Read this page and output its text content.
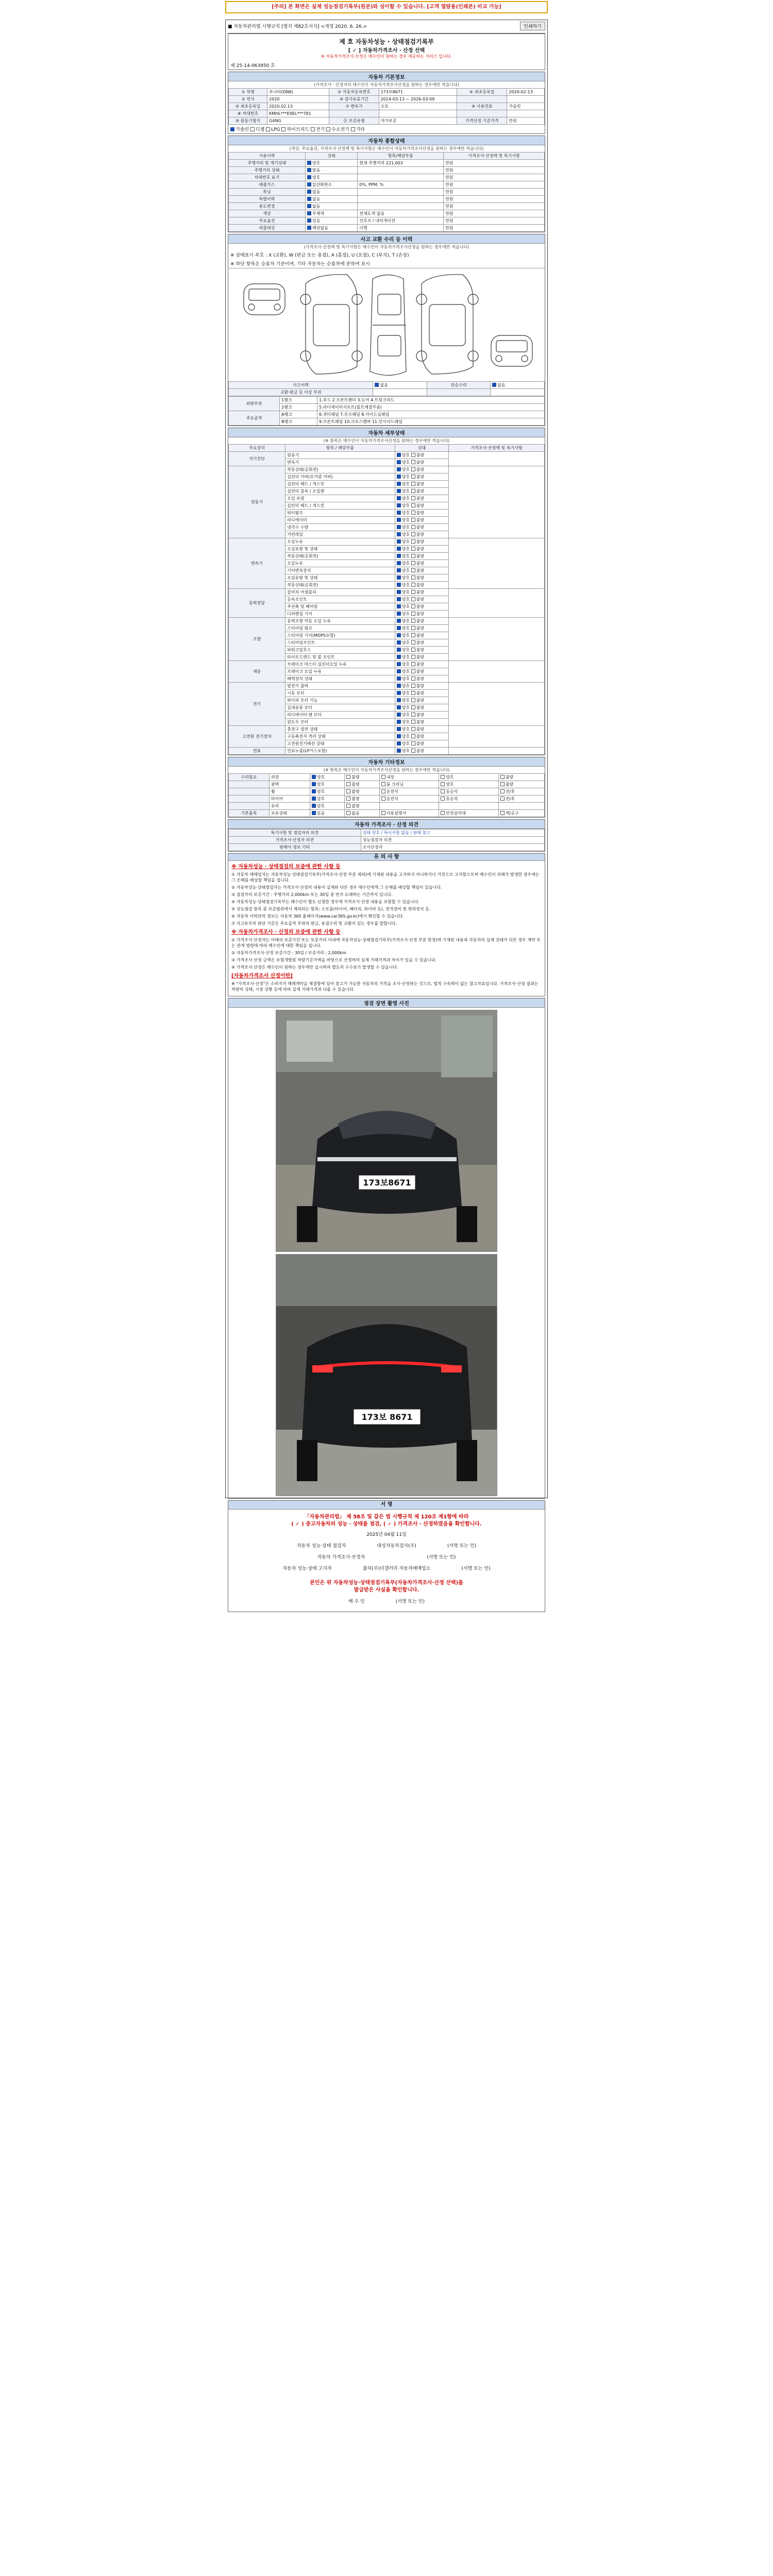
[주의] 본 화면은 실제 성능점검기록부(원본)와 상이할 수 있습니다. [고객 열람용(인쇄본) 비교 가능]
■ 자동차관리법 시행규칙 [별지 제82호서식] <개정 2020. 6. 26.>	인쇄하기
제 호 자동차성능 · 상태점검기록부
[ ✓ ] 자동차가격조사 · 산정 선택
※ 자동차가격조사·산정은 매수인이 원하는 경우 제공하는 서비스 입니다.
제 25-14-063950 호
자동차 기본정보
(가격조사 · 산정자의 매수인이 자동차가격조사산정을 원하는 경우에만 적습니다)
① 차명	쏘나타(DN8)	② 자동차등록번호	173보8671	⑥ 최초등록일	2020-02-13
② 연식	2020	④ 검사유효기간	2024-03-13 ~ 2026-03-09		
⑤ 최초등록일	2020.02.13	⑦ 변속기	오토	⑨ 사용연료	가솔린
⑧ 차대번호	KMHL***E9EL***781				
⑩ 원동기형식	G4NG	⑪ 보증유형	자가보증	가격산정 기준가격	만원
가솔린 디젤 LPG 하이브리드 전기 수소전기 기타
자동차 종합상태
(색상, 주요옵션, 가격조사·산정액 및 특기사항은 매수인이 자동차가격조사산정을 원하는 경우에만 적습니다)
사용이력	상태	항목/해당부품	가격조사·산정액 및 특기사항
주행거리 및 계기상태	양호	현재 주행거리 221,003	만원
주행거리 상태	많음		만원
차대번호 표기	양호		만원
배출가스	일산화탄소	0%, PPM, %	만원
튜닝	없음		만원
특별이력	없음		만원
용도변경	없음		만원
색상	무채색	전체도색 없음	만원
주요옵션	있음	선루프 / 네비게이션	만원
리콜대상	해당없음	이행	만원
사고 교환 수리 등 이력
(가격조사·산정액 및 특기사항은 매수인이 자동차가격조사산정을 원하는 경우에만 적습니다)
※ 상태표시 부호 : X (교환), W (판금 또는 용접), A (흠집), U (요철), C (부식), T (손상)
※ 하단 항목은 승용차 기준이며, 기타 자동차는 승용차에 준하여 표시
사고이력	없음	단순수리	없음
교환·판금 등 이상 부위			
외판부위	1랭크	1.후드 2.프론트펜더 3.도어 4.트렁크리드
	2랭크	5.라디에이터서포트(볼트체결부품)
주요골격	A랭크	6.쿼터패널 7.루프패널 8.사이드실패널
	B랭크	9.프론트패널 10.크로스멤버 11.인사이드패널
자동차 세부상태
(※ 항목은 매수인이 자동차가격조사산정을 원하는 경우에만 적습니다)
주요장치	항목 / 해당부품	상태	가격조사·산정액 및 특기사항
자기진단	원동기	양호 불량	
	변속기	양호 불량	
원동기	작동상태(공회전)	양호 불량	
	실린더 커버(로커암 커버)	양호 불량	
	실린더 헤드 / 개스킷	양호 불량	
	실린더 블록 / 오일팬	양호 불량	
	오일 유량	양호 불량	
	실린더 헤드 / 개스킷	양호 불량	
	워터펌프	양호 불량	
	라디에이터	양호 불량	
	냉각수 수량	양호 불량	
	커먼레일	양호 불량	
변속기	오일누유	양호 불량	
	오일유량 및 상태	양호 불량	
	작동상태(공회전)	양호 불량	
	오일누유	양호 불량	
	기어변속장치	양호 불량	
	오일유량 및 상태	양호 불량	
	작동상태(공회전)	양호 불량	
동력전달	클러치 어셈블리	양호 불량	
	등속조인트	양호 불량	
	추진축 및 베어링	양호 불량	
	디퍼렌셜 기어	양호 불량	
조향	동력조향 작동 오일 누유	양호 불량	
	스티어링 펌프	양호 불량	
	스티어링 기어(MDPS포함)	양호 불량	
	스티어링조인트	양호 불량	
	파워고압호스	양호 불량	
	타이로드엔드 및 볼 조인트	양호 불량	
제동	브레이크 마스터 실린더오일 누유	양호 불량	
	브레이크 오일 누유	양호 불량	
	배력장치 상태	양호 불량	
전기	발전기 출력	양호 불량	
	시동 모터	양호 불량	
	와이퍼 모터 기능	양호 불량	
	실내송풍 모터	양호 불량	
	라디에이터 팬 모터	양호 불량	
	윈도우 모터	양호 불량	
고전원 전기장치	충전구 절연 상태	양호 불량	
	구동축전지 격리 상태	양호 불량	
	고전원전기배선 상태	양호 불량	
연료	연료누출(LP가스포함)	양호 불량	
자동차 기타정보
(※ 항목은 매수인이 자동차가격조사산정을 원하는 경우에만 적습니다)
수리필요	외장	양호	불량	내장	양호	불량
	광택	양호	불량	룸 크리닝	양호	불량
	휠	양호	불량	운전석	동승석	전/후
	타이어	양호	불량	운전석	동승석	전/후
	유리	양호	불량			
기본품목	보유상태	있음	없음	사용설명서	안전삼각대	잭/공구
자동차 가격조사 · 산정 의견
특기사항 및 점검자의 의견	상태 양호 / 특이사항 없음 / 판매 참고
가격조사·산정자 의견	성능점검자 의견
판매사 정보 기타	조사산정자
유 의 사 항
※ 자동차성능 · 상태점검의 보증에 관한 사항 등

① 자동차 매매업자는 자동차성능·상태점검기록부(가격조사·산정 부분 제외)에 기재된 내용을 고지하지 아니하거나 거짓으로 고지함으로써 매수인이 피해가 발생한 경우에는 그 손해를 배상할 책임을 집니다.

② 자동차성능·상태점검자는 가격조사·산정의 내용이 실제와 다른 경우 매수인에게 그 손해를 배상할 책임이 있습니다.

③ 점검자의 보증기간 : 주행거리 2,000km 또는 30일 중 먼저 도래하는 기간까지 입니다.

④ 자동차성능·상태점검기록부는 매수인이 별도 신청한 경우에 가격조사·산정 내용을 포함할 수 있습니다.

⑤ 성능점검 항목 중 보증범위에서 제외되는 항목: 소모품(타이어, 배터리, 와이퍼 등), 전자장비 및 편의장치 등.

⑥ 자동차 이력관리 정보는 자동차 365 홈페이지(www.car365.go.kr)에서 확인할 수 있습니다.

⑦ 사고유무의 판단 기준은 주요골격 부위의 판금, 용접수리 및 교환이 있는 경우를 말합니다.

※ 자동차가격조사 · 산정의 보증에 관한 사항 등

① 가격조사·산정자는 아래의 보증기간 또는 보증거리 이내에 자동차성능·상태점검기록부(가격조사·산정 부분 한정)에 기재된 내용과 자동차의 실제 상태가 다른 경우 계약 또는 관계 법령에 따라 매수인에 대한 책임을 집니다.

② 자동차가격조사·산정 보증기간 : 30일 / 보증거리 : 2,000km

③ 가격조사·산정 금액은 보험개발원 차량기준가액을 바탕으로 산정하며 실제 거래가격과 차이가 있을 수 있습니다.

④ 가격조사·산정은 매수인이 원하는 경우에만 실시하며 별도의 수수료가 발생할 수 있습니다.

[자동차가격조사 산정이란]

※ "가격조사·산정"은 소비자가 매매계약을 체결함에 있어 참고가 가능한 자동차의 가격을 조사·산정하는 것으로, 법적 구속력이 없는 참고자료입니다. 가격조사·산정 결과는 차량의 상태, 시장 상황 등에 따라 실제 거래가격과 다를 수 있습니다.

점검 장면 촬영 사진
173보8671
173보 8671
서 명
「자동차관리법」 제 58조 및 같은 법 시행규칙 제 120조 제1항에 따라
( ✓ ) 중고자동차의 성능 · 상태를 점검, ( ✓ ) 가격조사 · 산정하였음을 확인합니다.
2025년 04월 11일
자동차 성능·상태 점검자	대성자동차검사(주)	(서명 또는 인)
자동차 가격조사·산정자	(서명 또는 인)
자동차 성능·상태 고지자	출처(주)더갤러리 자동차매매업소	(서명 또는 인)
본인은 위 자동차성능·상태점검기록부(자동차가격조사·산정 선택)를
발급받은 사실을 확인합니다.
매 수 인	(서명 또는 인)
